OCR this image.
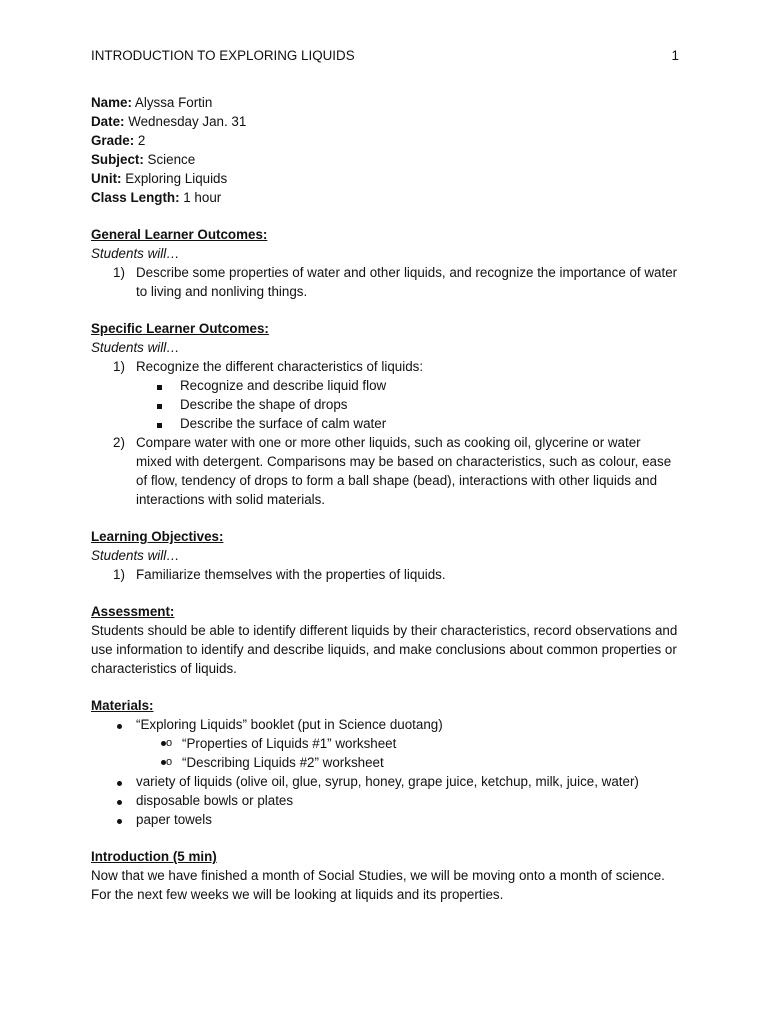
INTRODUCTION TO EXPLORING LIQUIDS	1
Name: Alyssa Fortin
Date: Wednesday Jan. 31
Grade: 2
Subject: Science
Unit: Exploring Liquids
Class Length: 1 hour
General Learner Outcomes:
Students will…
1) Describe some properties of water and other liquids, and recognize the importance of water to living and nonliving things.
Specific Learner Outcomes:
Students will…
1) Recognize the different characteristics of liquids:
Recognize and describe liquid flow
Describe the shape of drops
Describe the surface of calm water
2) Compare water with one or more other liquids, such as cooking oil, glycerine or water mixed with detergent. Comparisons may be based on characteristics, such as colour, ease of flow, tendency of drops to form a ball shape (bead), interactions with other liquids and interactions with solid materials.
Learning Objectives:
Students will…
1) Familiarize themselves with the properties of liquids.
Assessment:
Students should be able to identify different liquids by their characteristics, record observations and use information to identify and describe liquids, and make conclusions about common properties or characteristics of liquids.
Materials:
“Exploring Liquids” booklet (put in Science duotang)
o “Properties of Liquids #1” worksheet
o “Describing Liquids #2” worksheet
variety of liquids (olive oil, glue, syrup, honey, grape juice, ketchup, milk, juice, water)
disposable bowls or plates
paper towels
Introduction (5 min)
Now that we have finished a month of Social Studies, we will be moving onto a month of science. For the next few weeks we will be looking at liquids and its properties.
